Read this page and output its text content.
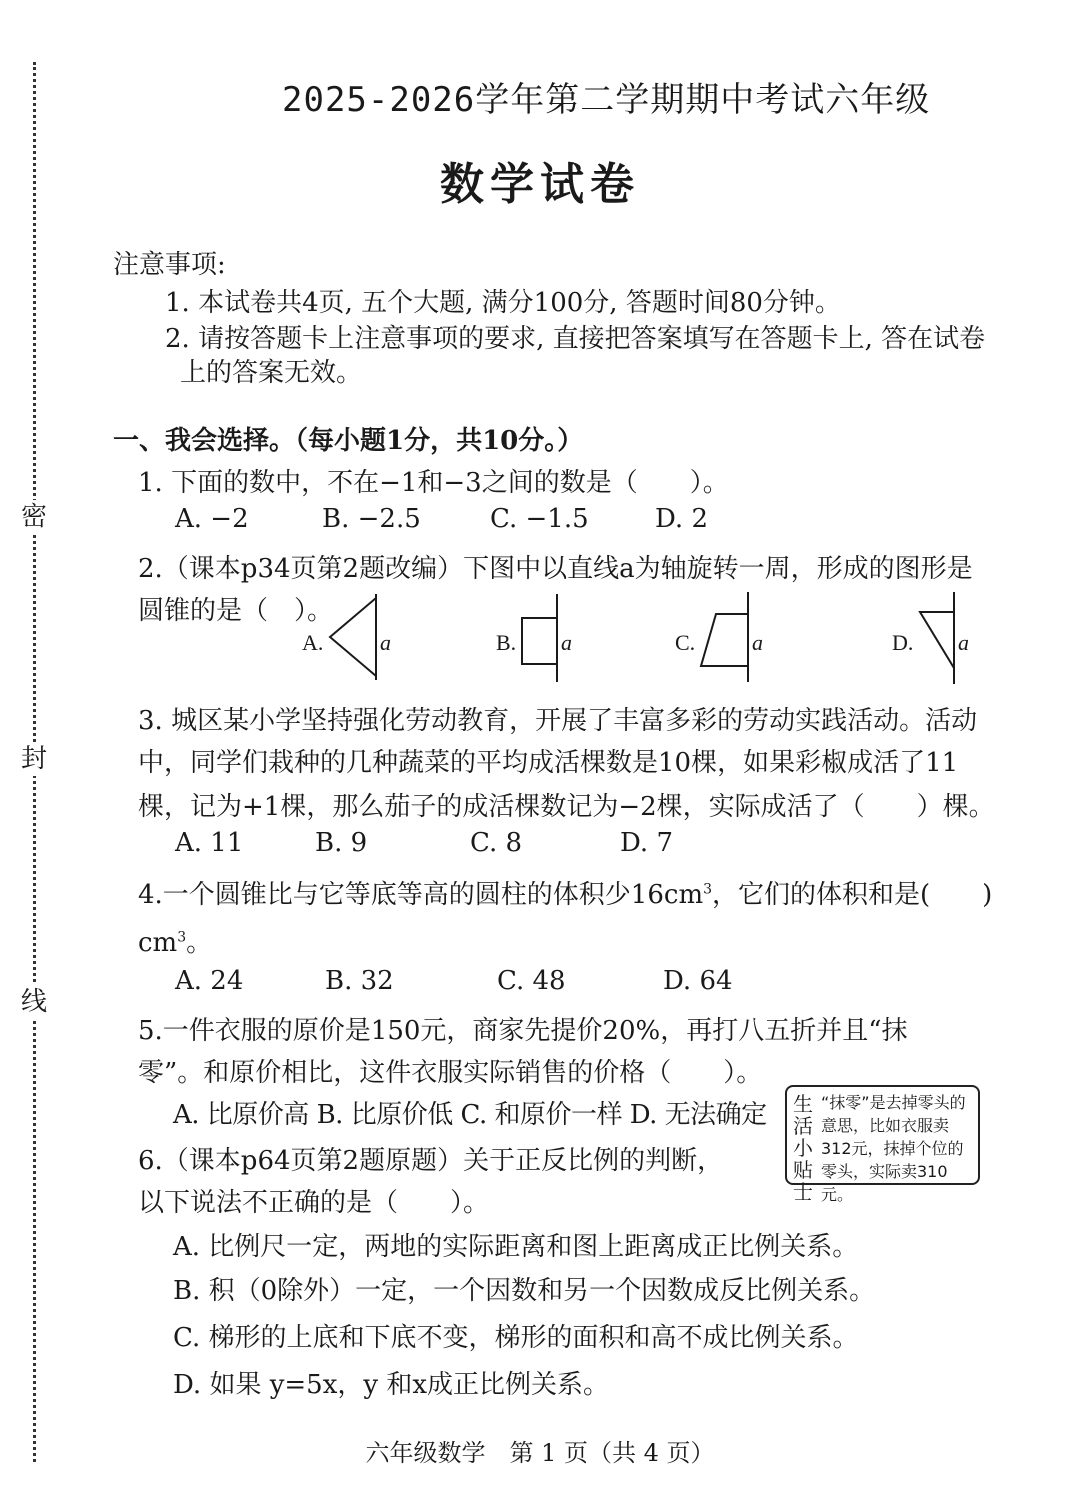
密
封
线
2025-2026学年第二学期期中考试六年级
数学试卷
注意事项:
1. 本试卷共4页, 五个大题, 满分100分, 答题时间80分钟。
2. 请按答题卡上注意事项的要求, 直接把答案填写在答题卡上, 答在试卷
上的答案无效。
一、我会选择。（每小题1分，共10分。）
1. 下面的数中，不在−1和−3之间的数是（　　）。
A. −2	B. −2.5	C. −1.5	D. 2
2.（课本p34页第2题改编）下图中以直线a为轴旋转一周，形成的图形是
圆锥的是（　）。
A.	a	B. a	C.	a	D. a
3. 城区某小学坚持强化劳动教育，开展了丰富多彩的劳动实践活动。活动
中，同学们栽种的几种蔬菜的平均成活棵数是10棵，如果彩椒成活了11
棵，记为+1棵，那么茄子的成活棵数记为−2棵，实际成活了（　　）棵。
A. 11	B. 9	C. 8	D. 7
4.一个圆锥比与它等底等高的圆柱的体积少$16cm^3$，它们的体积和是(　　)
$cm^3$。
A. 24	B. 32	C. 48	D. 64
5.一件衣服的原价是150元，商家先提价20%，再打八五折并且“抹
零”。和原价相比，这件衣服实际销售的价格（　　）。
A. 比原价高 B. 比原价低 C. 和原价一样 D. 无法确定 生活小贴士
“抹零”是去掉零头的意思，比如衣服卖312元，抹掉个位的零头，实际卖310元。
6.（课本p64页第2题原题）关于正反比例的判断，
以下说法不正确的是（　　）。
A. 比例尺一定，两地的实际距离和图上距离成正比例关系。
B. 积（0除外）一定，一个因数和另一个因数成反比例关系。
C. 梯形的上底和下底不变，梯形的面积和高不成比例关系。
D. 如果 y=5x，y 和x成正比例关系。
六年级数学　第 1 页（共 4 页）
